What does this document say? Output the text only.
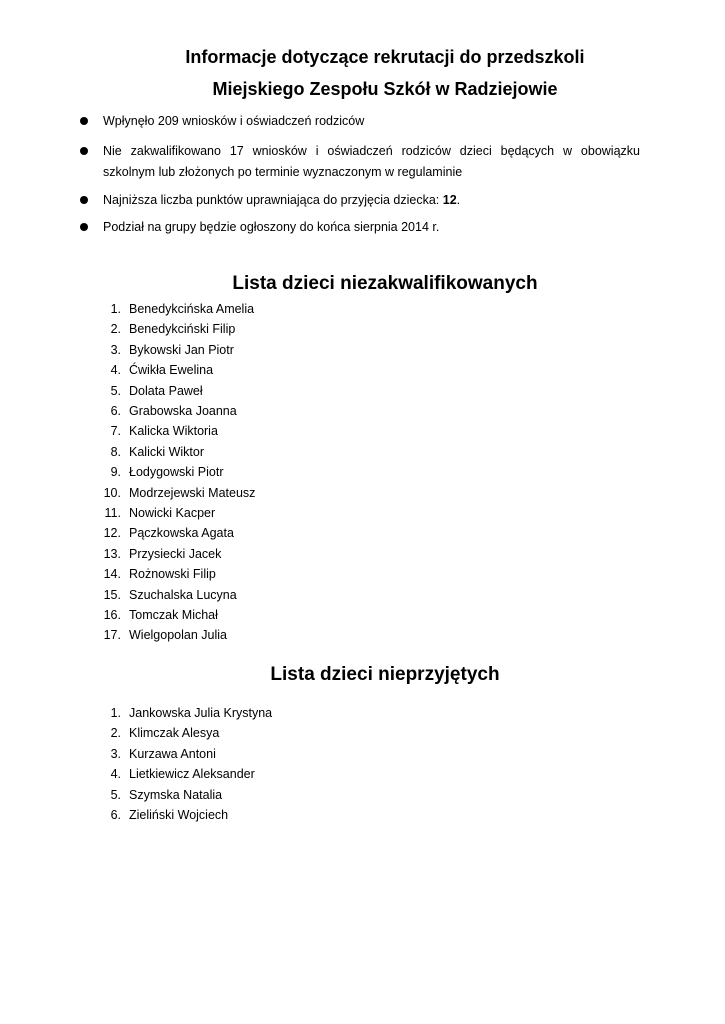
Informacje dotyczące rekrutacji do przedszkoli
Miejskiego Zespołu Szkół w Radziejowie
Wpłynęło 209 wniosków i oświadczeń rodziców
Nie zakwalifikowano 17 wniosków i oświadczeń rodziców dzieci będących w obowiązku szkolnym lub złożonych po terminie wyznaczonym w regulaminie
Najniższa liczba punktów uprawniająca do przyjęcia dziecka: 12.
Podział na grupy będzie ogłoszony do końca sierpnia 2014 r.
Lista dzieci niezakwalifikowanych
1. Benedykcińska Amelia
2. Benedykciński Filip
3. Bykowski Jan Piotr
4. Ćwikła Ewelina
5. Dolata Paweł
6. Grabowska Joanna
7. Kalicka Wiktoria
8. Kalicki Wiktor
9. Łodygowski Piotr
10. Modrzejewski Mateusz
11. Nowicki Kacper
12. Pączkowska Agata
13. Przysiecki Jacek
14. Rożnowski Filip
15. Szuchalska Lucyna
16. Tomczak Michał
17. Wielgopolan Julia
Lista dzieci nieprzyjętych
1. Jankowska Julia Krystyna
2. Klimczak Alesya
3. Kurzawa Antoni
4. Lietkiewicz Aleksander
5. Szymska Natalia
6. Zieliński Wojciech
